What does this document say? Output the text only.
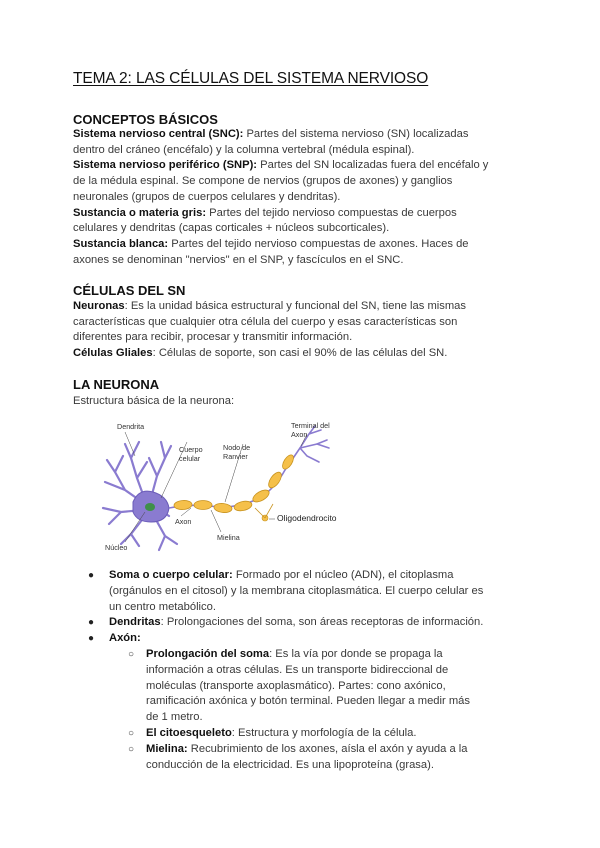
TEMA 2: LAS CÉLULAS DEL SISTEMA NERVIOSO
CONCEPTOS BÁSICOS
Sistema nervioso central (SNC): Partes del sistema nervioso (SN) localizadas
dentro del cráneo (encéfalo) y la columna vertebral (médula espinal).
Sistema nervioso periférico (SNP): Partes del SN localizadas fuera del encéfalo y
de la médula espinal. Se compone de nervios (grupos de axones) y ganglios
neuronales (grupos de cuerpos celulares y dendritas).
Sustancia o materia gris: Partes del tejido nervioso compuestas de cuerpos
celulares y dendritas (capas corticales + núcleos subcorticales).
Sustancia blanca: Partes del tejido nervioso compuestas de axones. Haces de
axones se denominan "nervios" en el SNP, y fascículos en el SNC.
CÉLULAS DEL SN
Neuronas: Es la unidad básica estructural y funcional del SN, tiene las mismas
características que cualquier otra célula del cuerpo y esas características son
diferentes para recibir, procesar y transmitir información.
Células Gliales: Células de soporte, son casi el 90% de las células del SN.
LA NEURONA
Estructura básica de la neurona:
Dendrita
Cuerpo
celular
Nodo de
Ranvier
Terminal del
Axon
Axon	Oligodendrocito
Mielina
Núcleo
● Soma o cuerpo celular: Formado por el núcleo (ADN), el citoplasma
(orgánulos en el citosol) y la membrana citoplasmática. El cuerpo celular es
un centro metabólico.
● Dendritas: Prolongaciones del soma, son áreas receptoras de información.
● Axón:
○ Prolongación del soma: Es la vía por donde se propaga la
información a otras células. Es un transporte bidireccional de
moléculas (transporte axoplasmático). Partes: cono axónico,
ramificación axónica y botón terminal. Pueden llegar a medir más
de 1 metro.
○ El citoesqueleto: Estructura y morfología de la célula.
○ Mielina: Recubrimiento de los axones, aísla el axón y ayuda a la
conducción de la electricidad. Es una lipoproteína (grasa).
